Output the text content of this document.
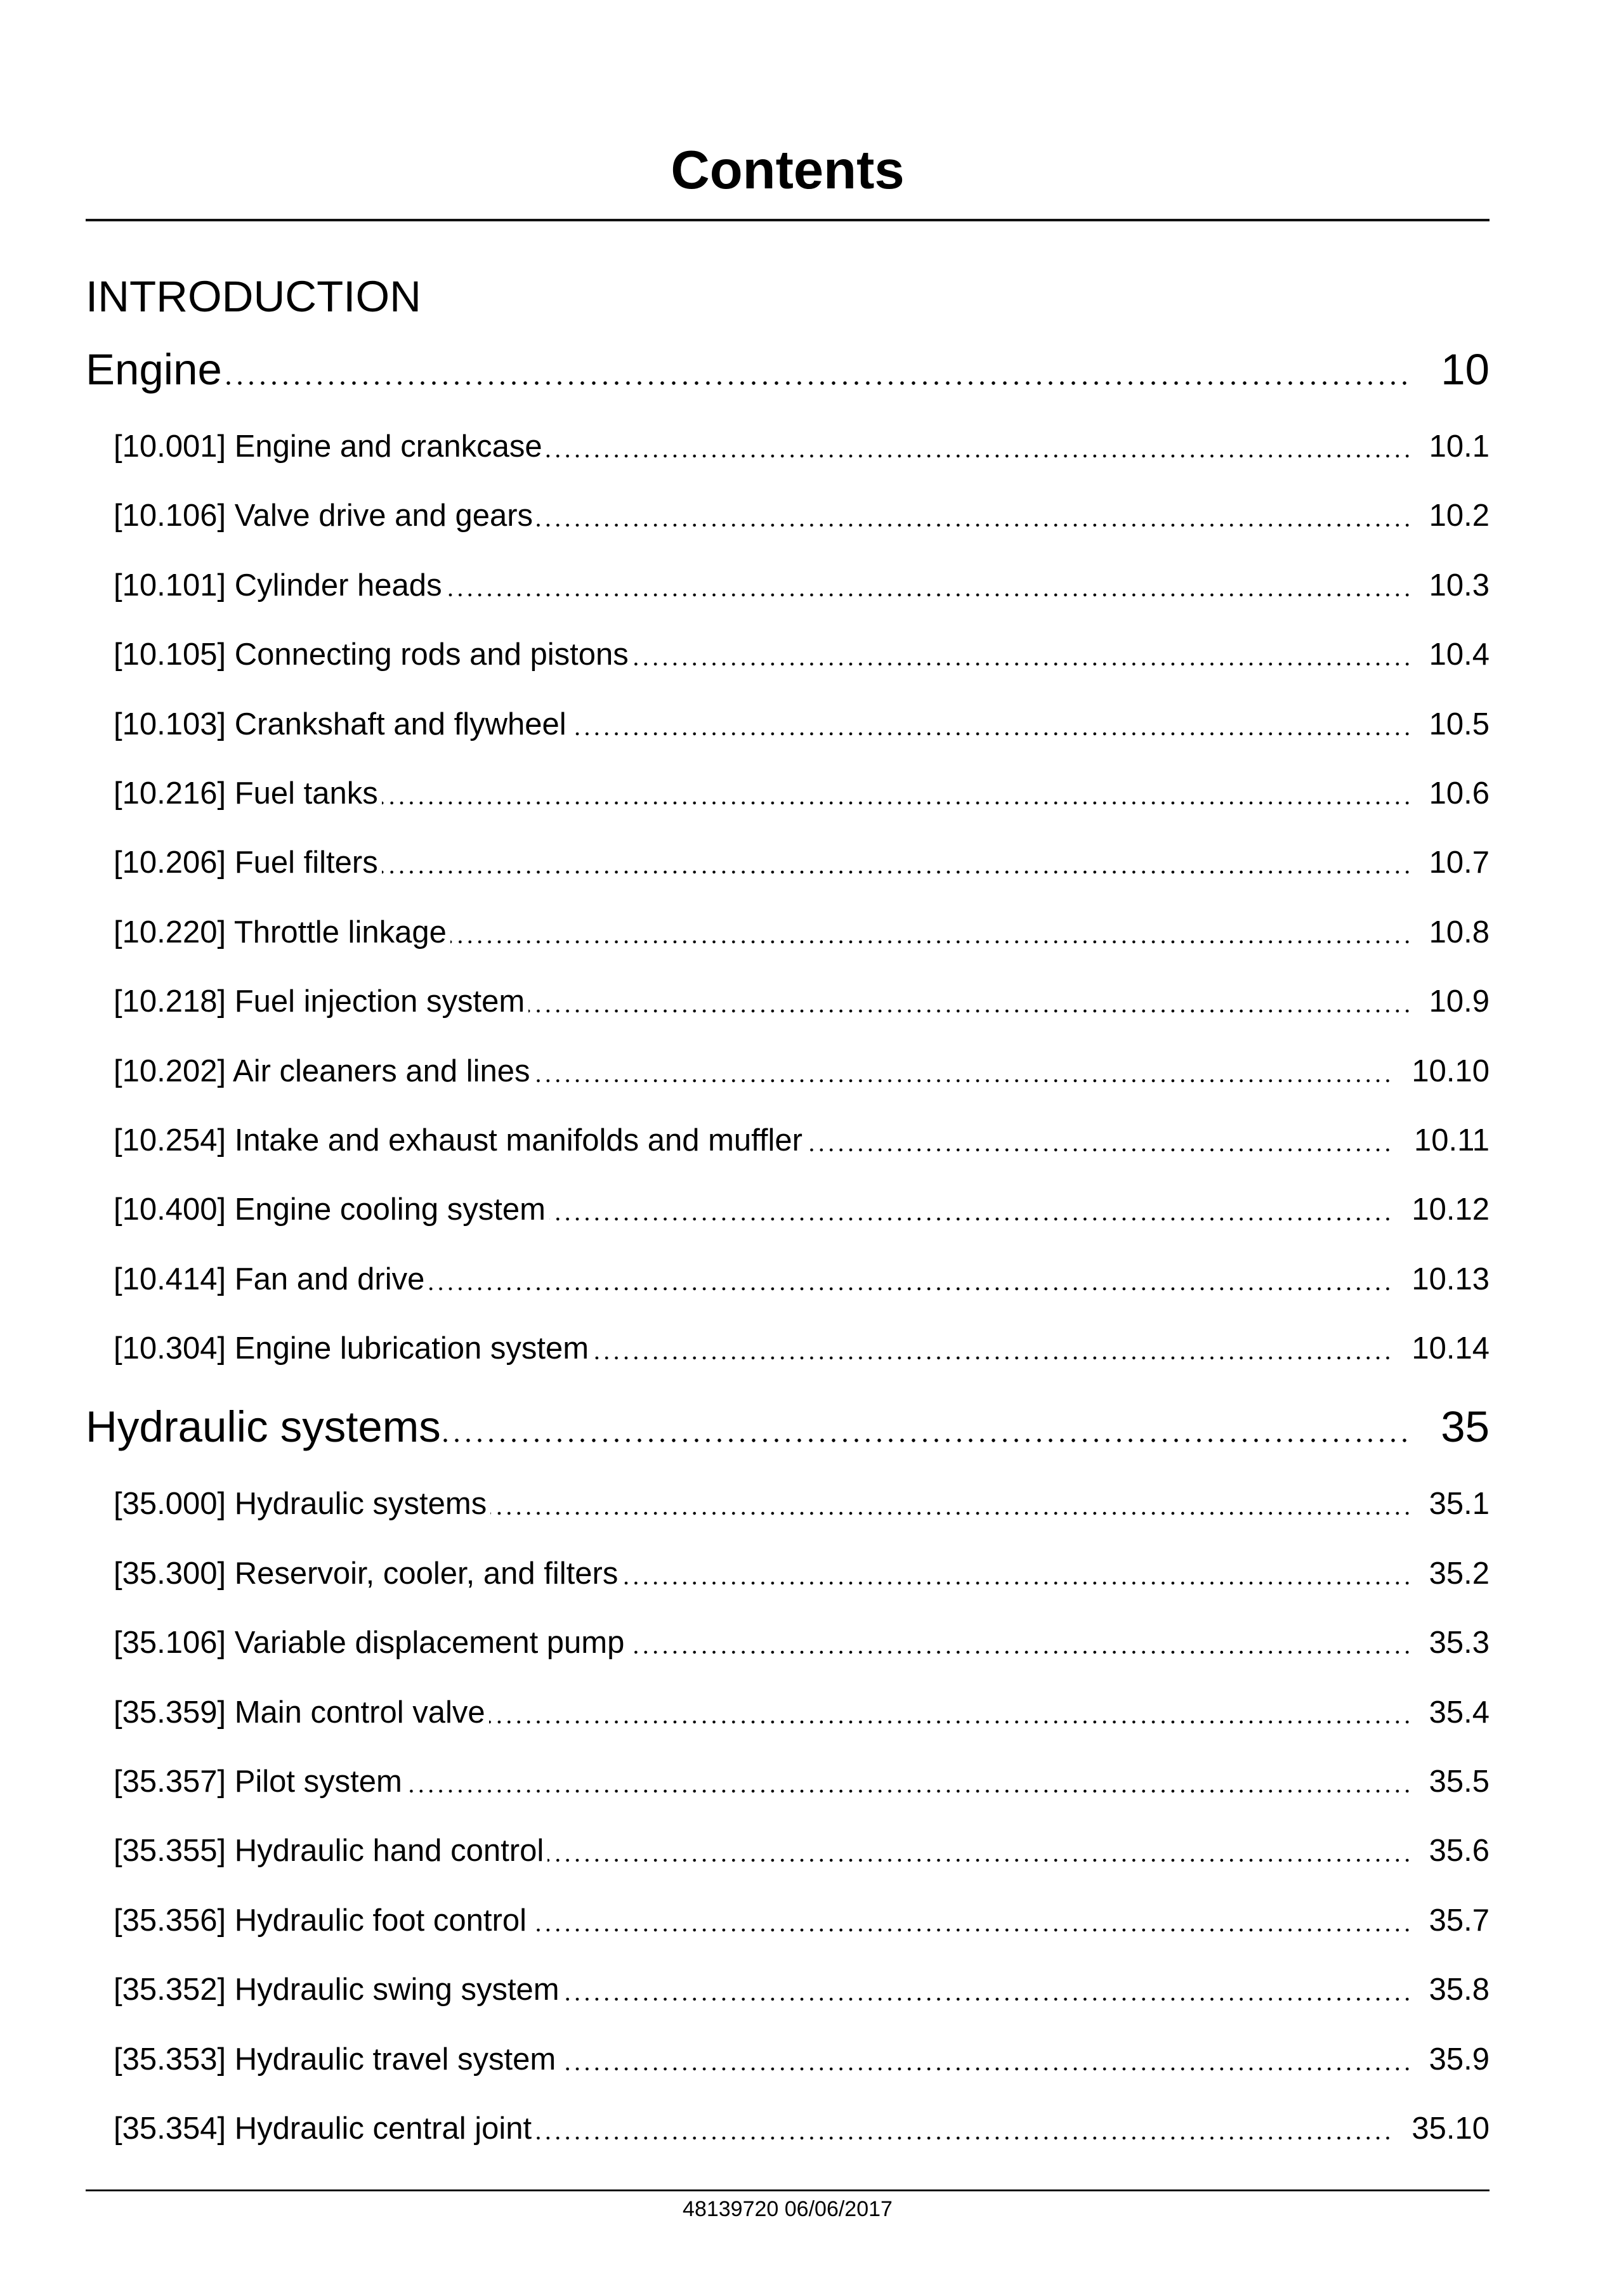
Contents
INTRODUCTION
Engine	10
[10.001] Engine and crankcase	10.1
[10.106] Valve drive and gears	10.2
[10.101] Cylinder heads	10.3
[10.105] Connecting rods and pistons	10.4
[10.103] Crankshaft and flywheel	10.5
[10.216] Fuel tanks	10.6
[10.206] Fuel filters	10.7
[10.220] Throttle linkage	10.8
[10.218] Fuel injection system	10.9
[10.202] Air cleaners and lines	10.10
[10.254] Intake and exhaust manifolds and muffler	10.11
[10.400] Engine cooling system	10.12
[10.414] Fan and drive	10.13
[10.304] Engine lubrication system	10.14
Hydraulic systems	35
[35.000] Hydraulic systems	35.1
[35.300] Reservoir, cooler, and filters	35.2
[35.106] Variable displacement pump	35.3
[35.359] Main control valve	35.4
[35.357] Pilot system	35.5
[35.355] Hydraulic hand control	35.6
[35.356] Hydraulic foot control	35.7
[35.352] Hydraulic swing system	35.8
[35.353] Hydraulic travel system	35.9
[35.354] Hydraulic central joint	35.10
48139720 06/06/2017
